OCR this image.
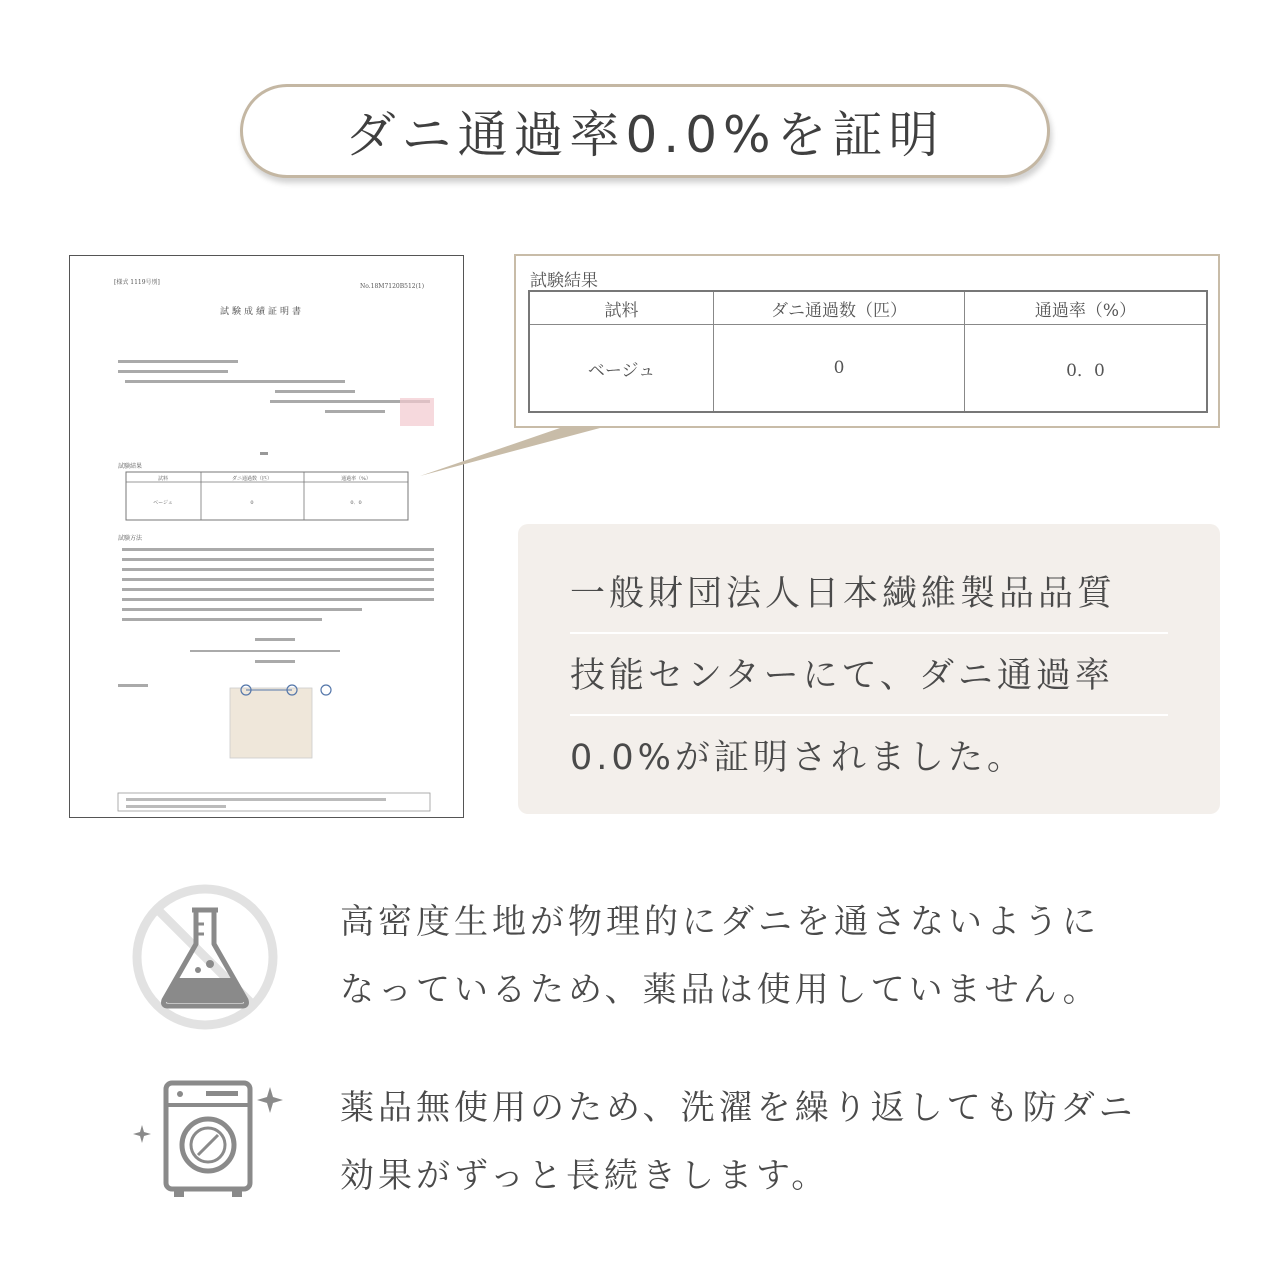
ダニ通過率0.0%を証明
[様式 1119号別]
No.18M7120B512(1)
試験成績証明書
試験結果
試料	ダニ通過数（匹）	通過率（%）
ベージュ	0	0．0
試験方法
試験結果
試料	ダニ通過数（匹）	通過率（%）
ベージュ	0	0．0
一般財団法人日本繊維製品品質
技能センターにて、ダニ通過率
0.0%が証明されました。
高密度生地が物理的にダニを通さないように
なっているため、薬品は使用していません。
薬品無使用のため、洗濯を繰り返しても防ダニ
効果がずっと長続きします。
